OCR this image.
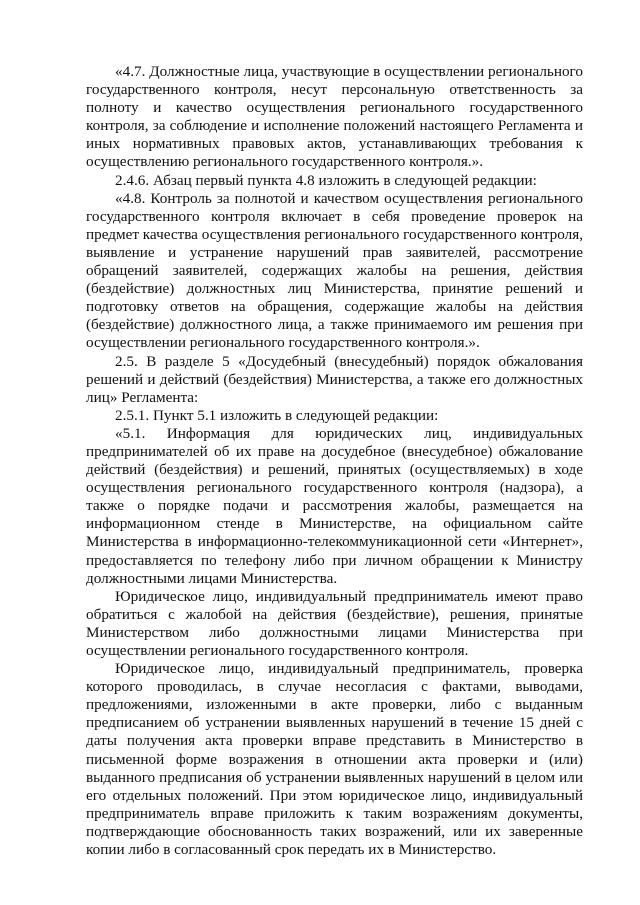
«4.7. Должностные лица, участвующие в осуществлении регионального государственного контроля, несут персональную ответственность за полноту и качество осуществления регионального государственного контроля, за соблюдение и исполнение положений настоящего Регламента и иных нормативных правовых актов, устанавливающих требования к осуществлению регионального государственного контроля.».

2.4.6. Абзац первый пункта 4.8 изложить в следующей редакции:

«4.8. Контроль за полнотой и качеством осуществления регионального государственного контроля включает в себя проведение проверок на предмет качества осуществления регионального государственного контроля, выявление и устранение нарушений прав заявителей, рассмотрение обращений заявителей, содержащих жалобы на решения, действия (бездействие) должностных лиц Министерства, принятие решений и подготовку ответов на обращения, содержащие жалобы на действия (бездействие) должностного лица, а также принимаемого им решения при осуществлении регионального государственного контроля.».

2.5. В разделе 5 «Досудебный (внесудебный) порядок обжалования решений и действий (бездействия) Министерства, а также его должностных лиц» Регламента:

2.5.1. Пункт 5.1 изложить в следующей редакции:

«5.1. Информация для юридических лиц, индивидуальных предпринимателей об их праве на досудебное (внесудебное) обжалование действий (бездействия) и решений, принятых (осуществляемых) в ходе осуществления регионального государственного контроля (надзора), а также о порядке подачи и рассмотрения жалобы, размещается на информационном стенде в Министерстве, на официальном сайте Министерства в информационно-телекоммуникационной сети «Интернет», предоставляется по телефону либо при личном обращении к Министру должностными лицами Министерства.

Юридическое лицо, индивидуальный предприниматель имеют право обратиться с жалобой на действия (бездействие), решения, принятые Министерством либо должностными лицами Министерства при осуществлении регионального государственного контроля.

Юридическое лицо, индивидуальный предприниматель, проверка которого проводилась, в случае несогласия с фактами, выводами, предложениями, изложенными в акте проверки, либо с выданным предписанием об устранении выявленных нарушений в течение 15 дней с даты получения акта проверки вправе представить в Министерство в письменной форме возражения в отношении акта проверки и (или) выданного предписания об устранении выявленных нарушений в целом или его отдельных положений. При этом юридическое лицо, индивидуальный предприниматель вправе приложить к таким возражениям документы, подтверждающие обоснованность таких возражений, или их заверенные копии либо в согласованный срок передать их в Министерство.
